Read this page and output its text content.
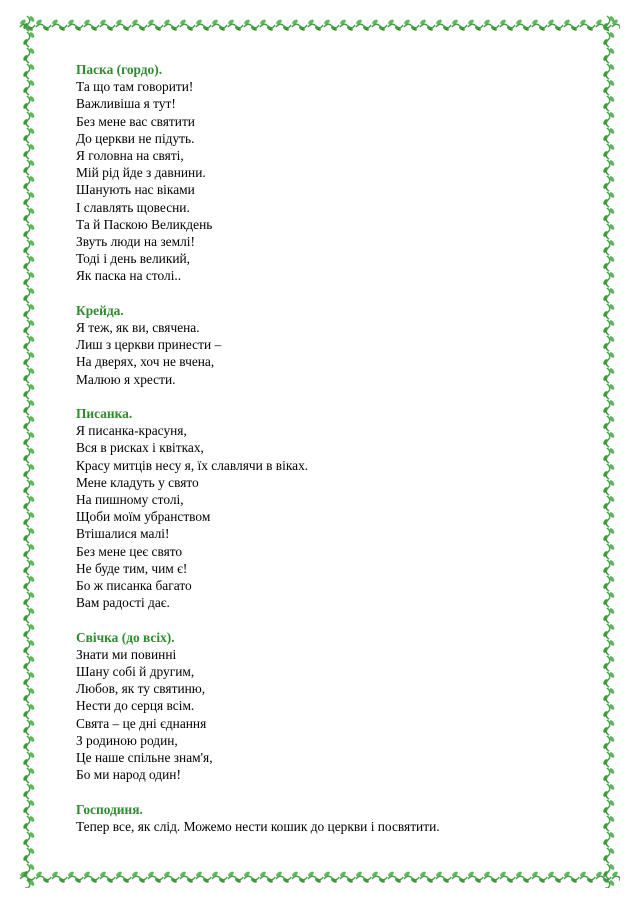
Паска (гордо).
Та що там говорити!
Важливіша я тут!
Без мене вас святити
До церкви не підуть.
Я головна на святі,
Мій рід йде з давнини.
Шанують нас віками
І славлять щовесни.
Та й Паскою Великдень
Звуть люди на землі!
Тоді і день великий,
Як паска на столі..
Крейда.
Я теж, як ви, свячена.
Лиш з церкви принести –
На дверях, хоч не вчена,
Малюю я хрести.
Писанка.
Я писанка-красуня,
Вся в рисках і квітках,
Красу митців несу я, їх славлячи в віках.
Мене кладуть у свято
На пишному столі,
Щоби моїм убранством
Втішалися малі!
Без мене цеє свято
Не буде тим, чим є!
Бо ж писанка багато
Вам радості дає.
Свічка (до всіх).
Знати ми повинні
Шану собі й другим,
Любов, як ту святиню,
Нести до серця всім.
Свята – це дні єднання
З родиною родин,
Це наше спільне знам'я,
Бо ми народ один!
Господиня.
Тепер все, як слід. Можемо нести кошик до церкви і посвятити.
